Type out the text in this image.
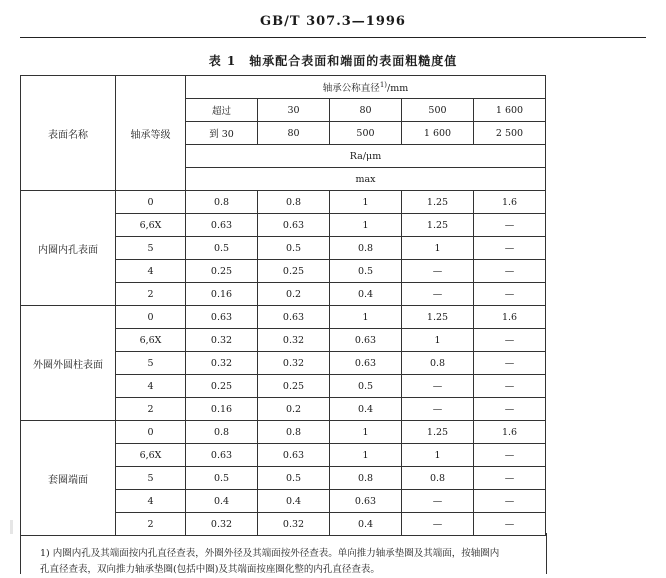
GB/T 307.3—1996
表 1　轴承配合表面和端面的表面粗糙度值
表面名称	轴承等级	轴承公称直径$^{1)}$/mm				
		超过	30	80	500	1 600
		到 30	80	500	1 600	2 500
		Ra/μm				
		max				
内圈内孔表面	0	0.8	0.8	1	1.25	1.6
	6,6X	0.63	0.63	1	1.25	—
	5	0.5	0.5	0.8	1	—
	4	0.25	0.25	0.5	—	—
	2	0.16	0.2	0.4	—	—
外圈外圆柱表面	0	0.63	0.63	1	1.25	1.6
	6,6X	0.32	0.32	0.63	1	—
	5	0.32	0.32	0.63	0.8	—
	4	0.25	0.25	0.5	—	—
	2	0.16	0.2	0.4	—	—
套圈端面	0	0.8	0.8	1	1.25	1.6
	6,6X	0.63	0.63	1	1	—
	5	0.5	0.5	0.8	0.8	—
	4	0.4	0.4	0.63	—	—
	2	0.32	0.32	0.4	—	—
1) 内圈内孔及其端面按内孔直径查表，外圈外径及其端面按外径查表。单向推力轴承垫圈及其端面，按轴圈内
孔直径查表，双向推力轴承垫圈(包括中圈)及其端面按座圈化整的内孔直径查表。
